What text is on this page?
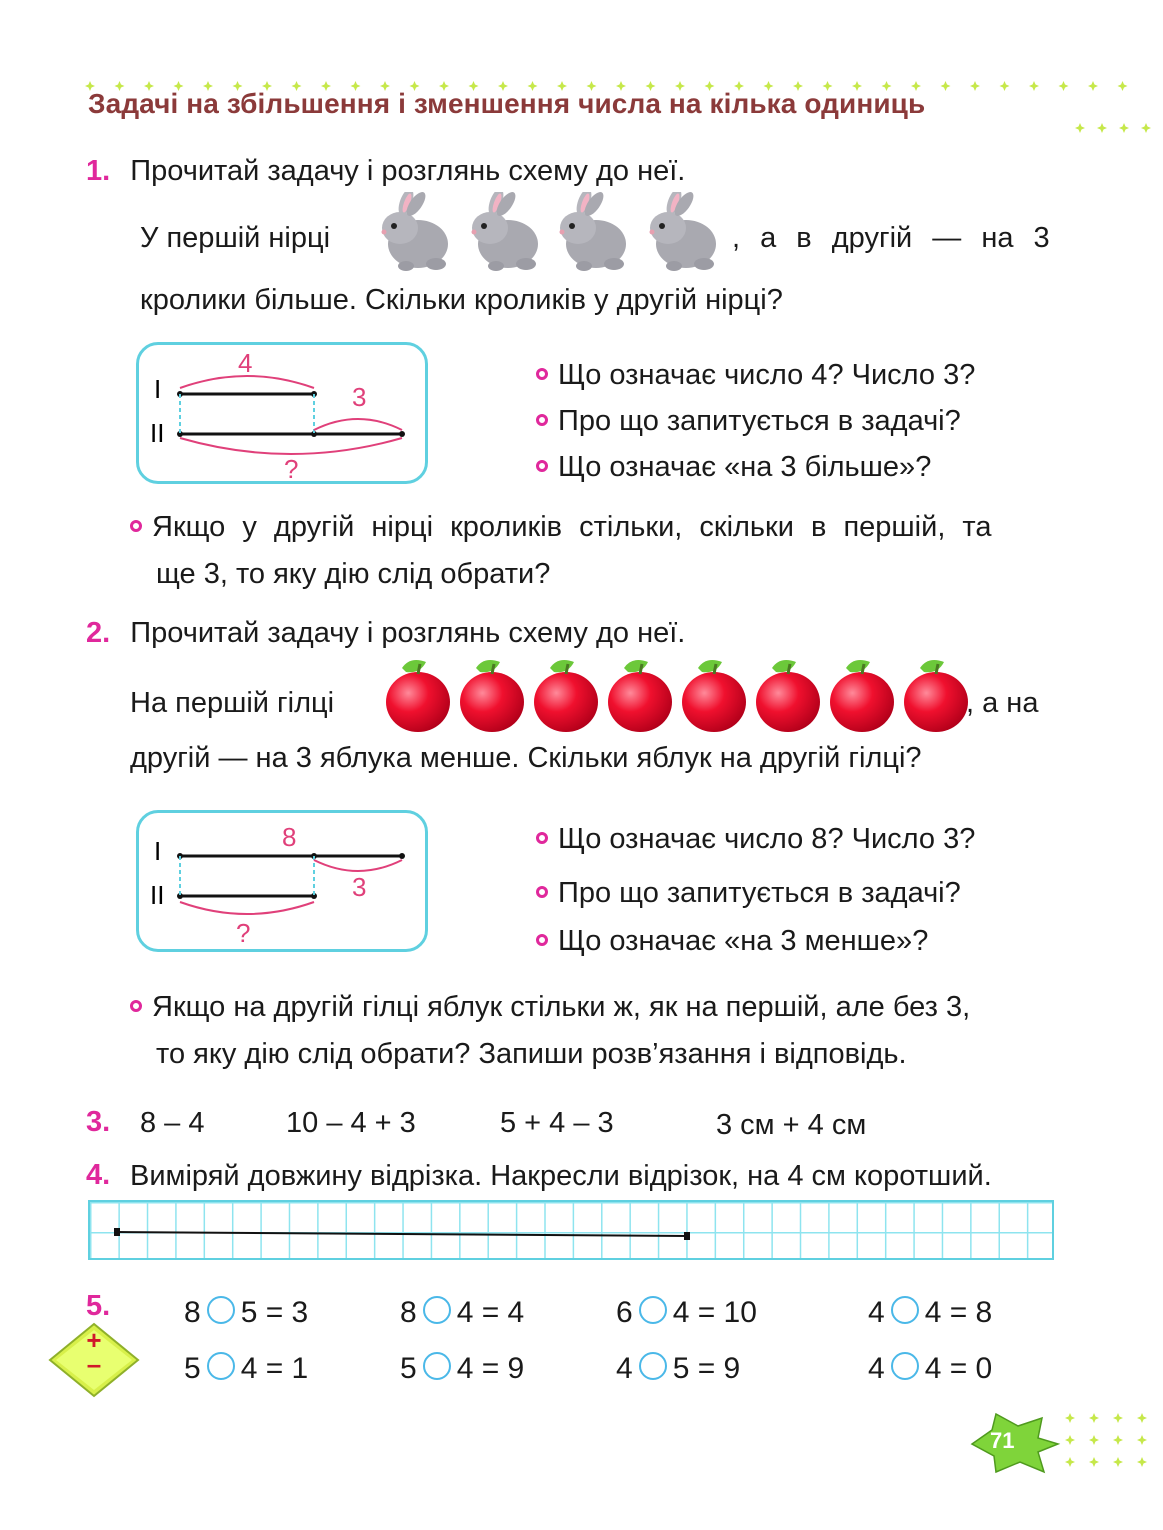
Задачі на збільшення і зменшення числа на кілька одиниць
1. Прочитай задачу і розглянь схему до неї.
У першій нірці	, а в другій — на 3
кролики більше. Скільки кроликів у другій нірці?
I
II
4
3
?
Що означає число 4? Число 3?
Про що запитується в задачі?
Що означає «на 3 більше»?
Якщо у другій нірці кроликів стільки, скільки в першій, та
ще 3, то яку дію слід обрати?
2. Прочитай задачу і розглянь схему до неї.
На першій гілці	, а на
другій — на 3 яблука менше. Скільки яблук на другій гілці?
I
II
8
3
?
Що означає число 8? Число 3?
Про що запитується в задачі?
Що означає «на 3 менше»?
Якщо на другій гілці яблук стільки ж, як на першій, але без 3,
то яку дію слід обрати? Запиши розв’язання і відповідь.
3. 8 – 4	10 – 4 + 3	5 + 4 – 3	3 см + 4 см
4. Виміряй довжину відрізка. Накресли відрізок, на 4 см коротший.
5.
+
–
8 5 = 3	8 4 = 4	6 4 = 10	4 4 = 8
5 4 = 1	5 4 = 9	4 5 = 9	4 4 = 0
71
